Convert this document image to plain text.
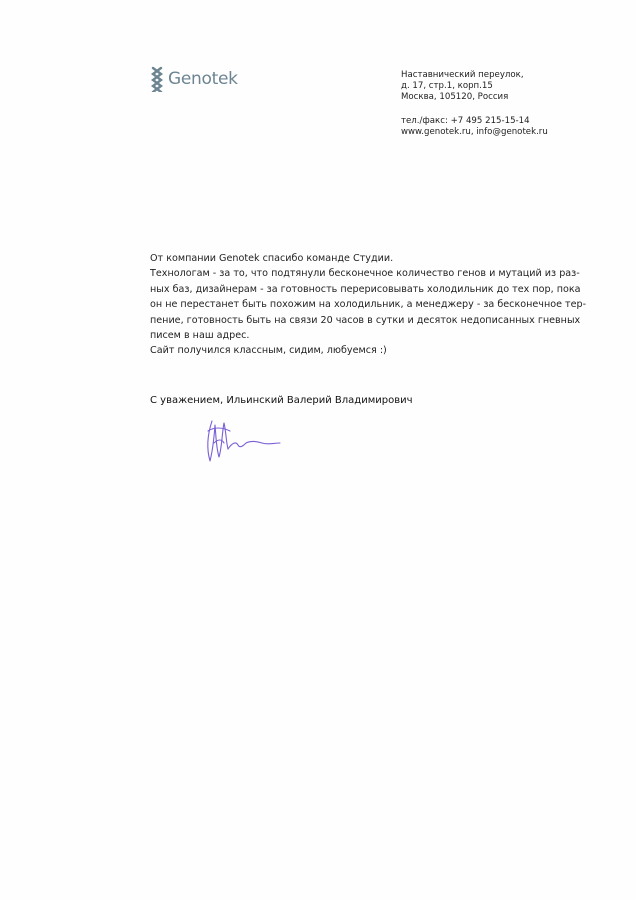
Genotek	Наставнический переулок,
д. 17, стр.1, корп.15
Москва, 105120, Россия
тел./факс: +7 495 215-15-14
www.genotek.ru, info@genotek.ru
От компании Genotek спасибо команде Студии.
Технологам - за то, что подтянули бесконечное количество генов и мутаций из раз-
ных баз, дизайнерам - за готовность перерисовывать холодильник до тех пор, пока
он не перестанет быть похожим на холодильник, а менеджеру - за бесконечное тер-
пение, готовность быть на связи 20 часов в сутки и десяток недописанных гневных
писем в наш адрес.
Сайт получился классным, сидим, любуемся :)
С уважением, Ильинский Валерий Владимирович
